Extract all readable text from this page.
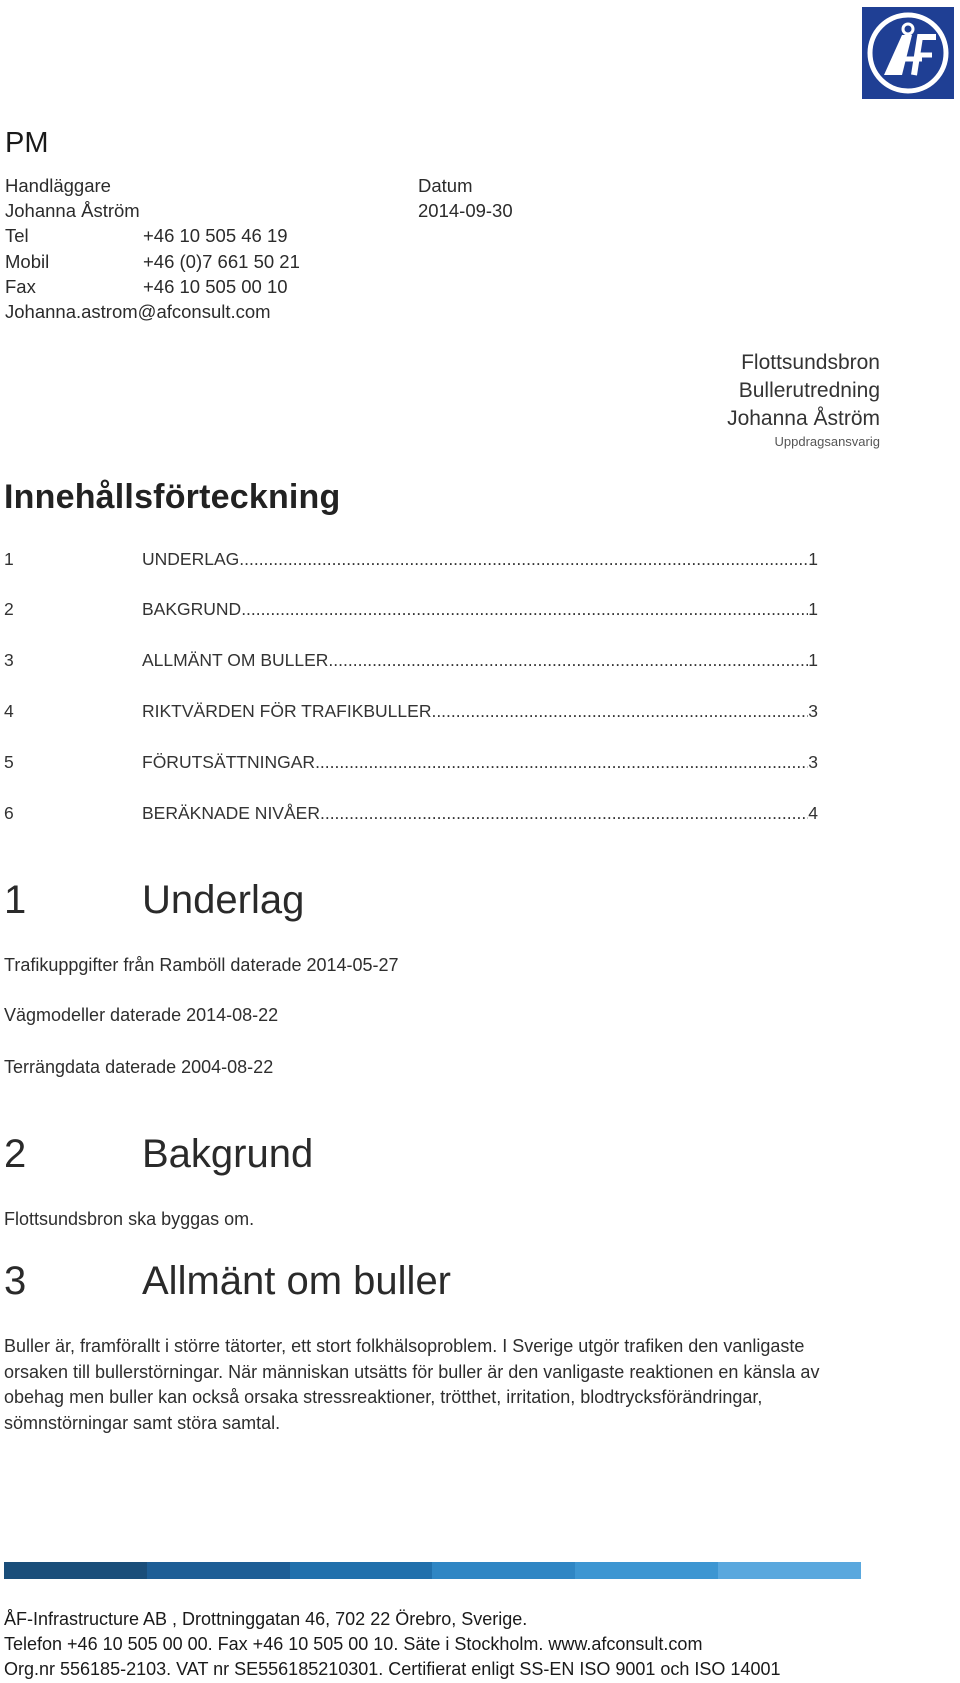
PM
Handläggare
Johanna Åström
Datum
2014-09-30
Tel	+46 10 505 46 19
Mobil	+46 (0)7 661 50 21
Fax	+46 10 505 00 10
Johanna.astrom@afconsult.com
Flottsundsbron
Bullerutredning
Johanna Åström
Uppdragsansvarig
Innehållsförteckning
1	UNDERLAG .....	1
2	BAKGRUND .....	1
3	ALLMÄNT OM BULLER .....	1
4	RIKTVÄRDEN FÖR TRAFIKBULLER .....	3
5	FÖRUTSÄTTNINGAR .....	3
6	BERÄKNADE NIVÅER .....	4
1	Underlag
Trafikuppgifter från Ramböll daterade 2014-05-27
Vägmodeller daterade 2014-08-22
Terrängdata daterade 2004-08-22
2	Bakgrund
Flottsundsbron ska byggas om.
3	Allmänt om buller
Buller är, framförallt i större tätorter, ett stort folkhälsoproblem. I Sverige utgör trafiken den vanligaste orsaken till bullerstörningar. När människan utsätts för buller är den vanligaste reaktionen en känsla av obehag men buller kan också orsaka stressreaktioner, trötthet, irritation, blodtrycksförändringar, sömnstörningar samt störa samtal.
ÅF-Infrastructure AB , Drottninggatan 46, 702 22 Örebro, Sverige.
Telefon +46 10 505 00 00. Fax +46 10 505 00 10. Säte i Stockholm. www.afconsult.com
Org.nr 556185-2103. VAT nr SE556185210301. Certifierat enligt SS-EN ISO 9001 och ISO 14001
